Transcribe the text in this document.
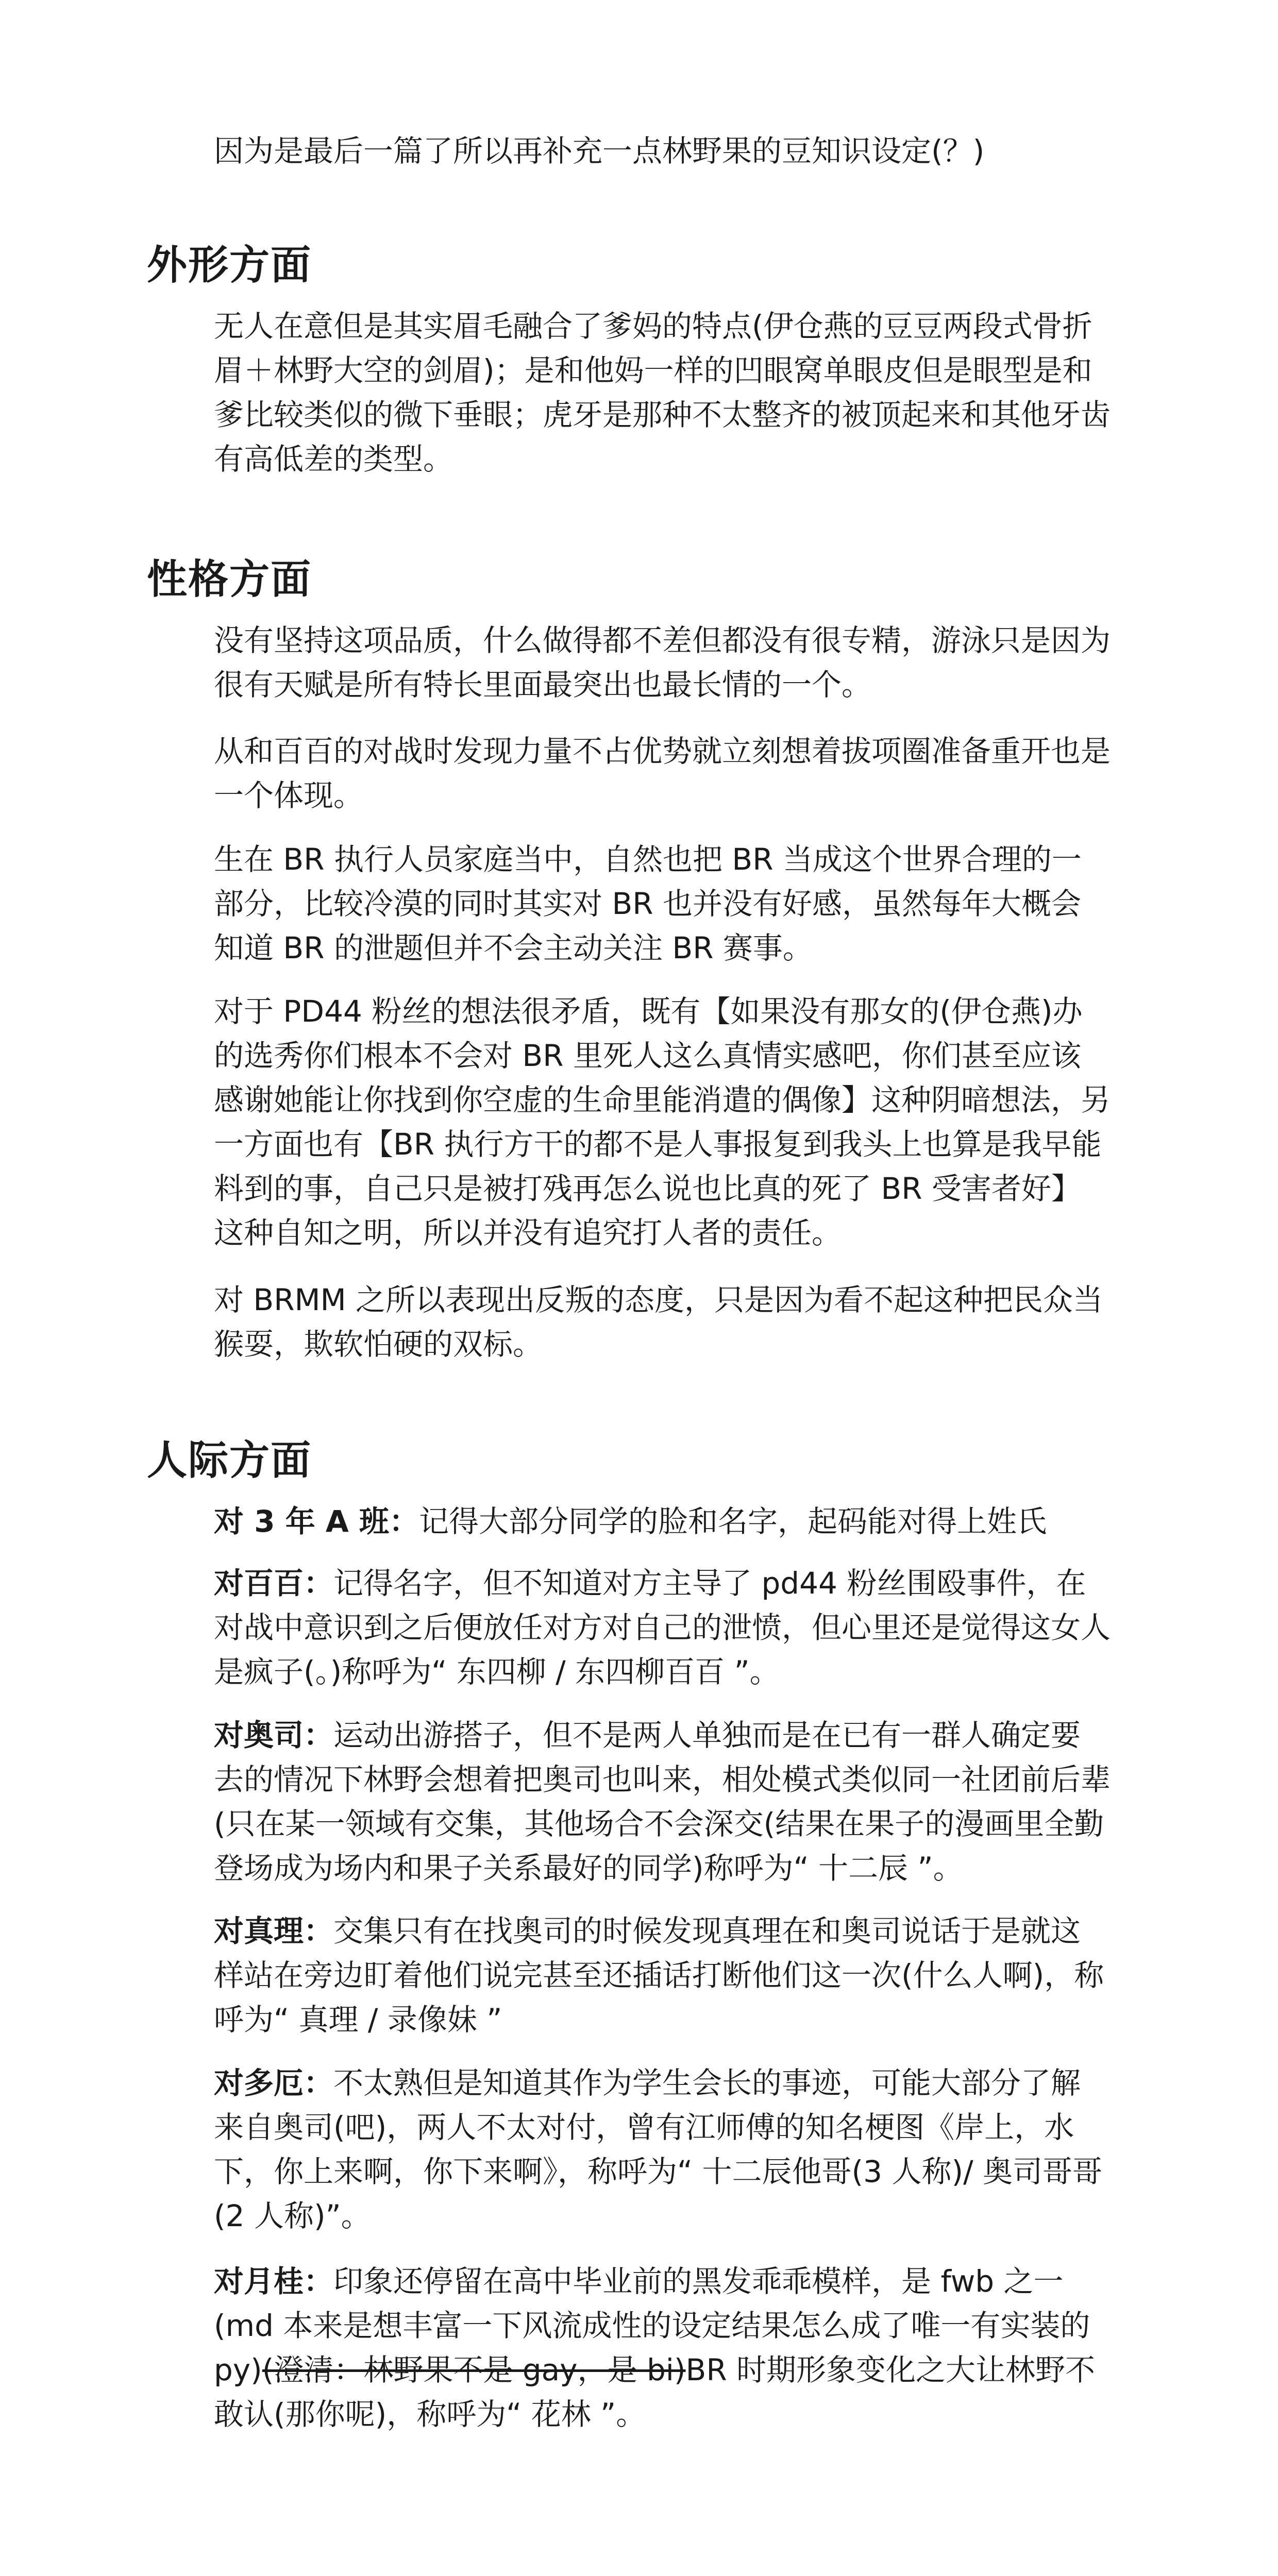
因为是最后一篇了所以再补充一点林野果的豆知识设定(？)

外形方面

无人在意但是其实眉毛融合了爹妈的特点(伊仓燕的豆豆两段式骨折眉＋林野大空的剑眉)；是和他妈一样的凹眼窝单眼皮但是眼型是和爹比较类似的微下垂眼；虎牙是那种不太整齐的被顶起来和其他牙齿有高低差的类型。

性格方面

没有坚持这项品质，什么做得都不差但都没有很专精，游泳只是因为很有天赋是所有特长里面最突出也最长情的一个。

从和百百的对战时发现力量不占优势就立刻想着拔项圈准备重开也是一个体现。

生在 BR 执行人员家庭当中，自然也把 BR 当成这个世界合理的一部分，比较冷漠的同时其实对 BR 也并没有好感，虽然每年大概会知道 BR 的泄题但并不会主动关注 BR 赛事。

对于 PD44 粉丝的想法很矛盾，既有【如果没有那女的(伊仓燕)办的选秀你们根本不会对 BR 里死人这么真情实感吧，你们甚至应该感谢她能让你找到你空虚的生命里能消遣的偶像】这种阴暗想法，另一方面也有【BR 执行方干的都不是人事报复到我头上也算是我早能料到的事，自己只是被打残再怎么说也比真的死了 BR 受害者好】这种自知之明，所以并没有追究打人者的责任。

对 BRMM 之所以表现出反叛的态度，只是因为看不起这种把民众当猴耍，欺软怕硬的双标。

人际方面

对 3 年 A 班：记得大部分同学的脸和名字，起码能对得上姓氏

对百百：记得名字，但不知道对方主导了 pd44 粉丝围殴事件，在对战中意识到之后便放任对方对自己的泄愤，但心里还是觉得这女人是疯子(。)称呼为“ 东四柳 / 东四柳百百 ”。

对奥司：运动出游搭子，但不是两人单独而是在已有一群人确定要去的情况下林野会想着把奥司也叫来，相处模式类似同一社团前后辈(只在某一领域有交集，其他场合不会深交(结果在果子的漫画里全勤登场成为场内和果子关系最好的同学)称呼为“ 十二辰 ”。

对真理：交集只有在找奥司的时候发现真理在和奥司说话于是就这样站在旁边盯着他们说完甚至还插话打断他们这一次(什么人啊)，称呼为“ 真理 / 录像妹 ”

对多厄：不太熟但是知道其作为学生会长的事迹，可能大部分了解来自奥司(吧)，两人不太对付，曾有江师傅的知名梗图《岸上，水下，你上来啊，你下来啊》，称呼为“ 十二辰他哥(3 人称)/ 奥司哥哥(2 人称)”。

对月桂：印象还停留在高中毕业前的黑发乖乖模样，是 fwb 之一(md 本来是想丰富一下风流成性的设定结果怎么成了唯一有实装的 py)(澄清：林野果不是 gay，是 bi)BR 时期形象变化之大让林野不敢认(那你呢)，称呼为“ 花林 ”。
